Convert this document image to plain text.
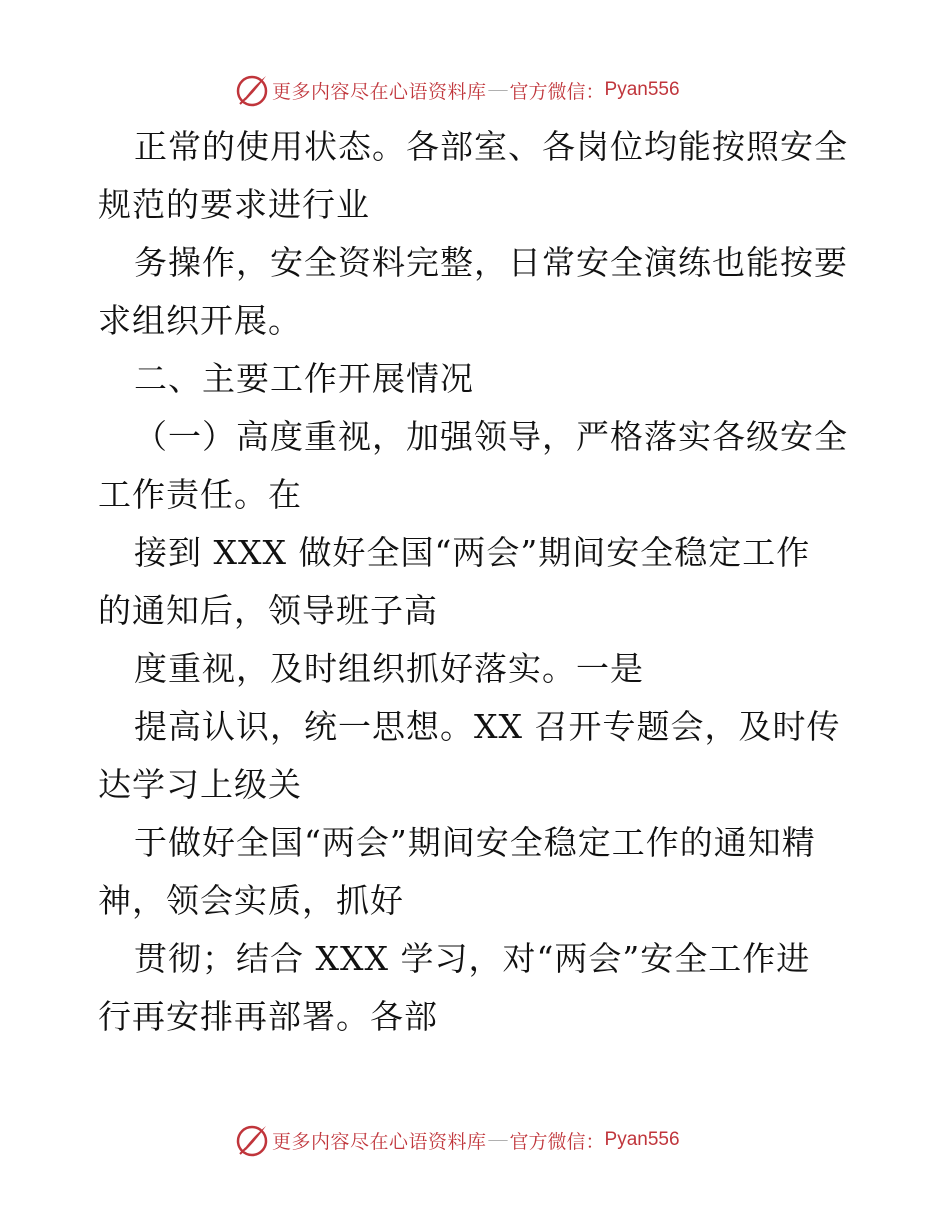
更多内容尽在心语资料库 — 官方微信： Pyan556
正常的使用状态。各部室、各岗位均能按照安全
规范的要求进行业
务操作，安全资料完整，日常安全演练也能按要
求组织开展。
二、主要工作开展情况
（一）高度重视，加强领导，严格落实各级安全
工作责任。在
接到 XXX 做好全国“两会”期间安全稳定工作
的通知后，领导班子高
度重视，及时组织抓好落实。一是
提高认识，统一思想。XX 召开专题会，及时传
达学习上级关
于做好全国“两会”期间安全稳定工作的通知精
神，领会实质，抓好
贯彻；结合 XXX 学习，对“两会”安全工作进
行再安排再部署。各部
更多内容尽在心语资料库 — 官方微信： Pyan556
